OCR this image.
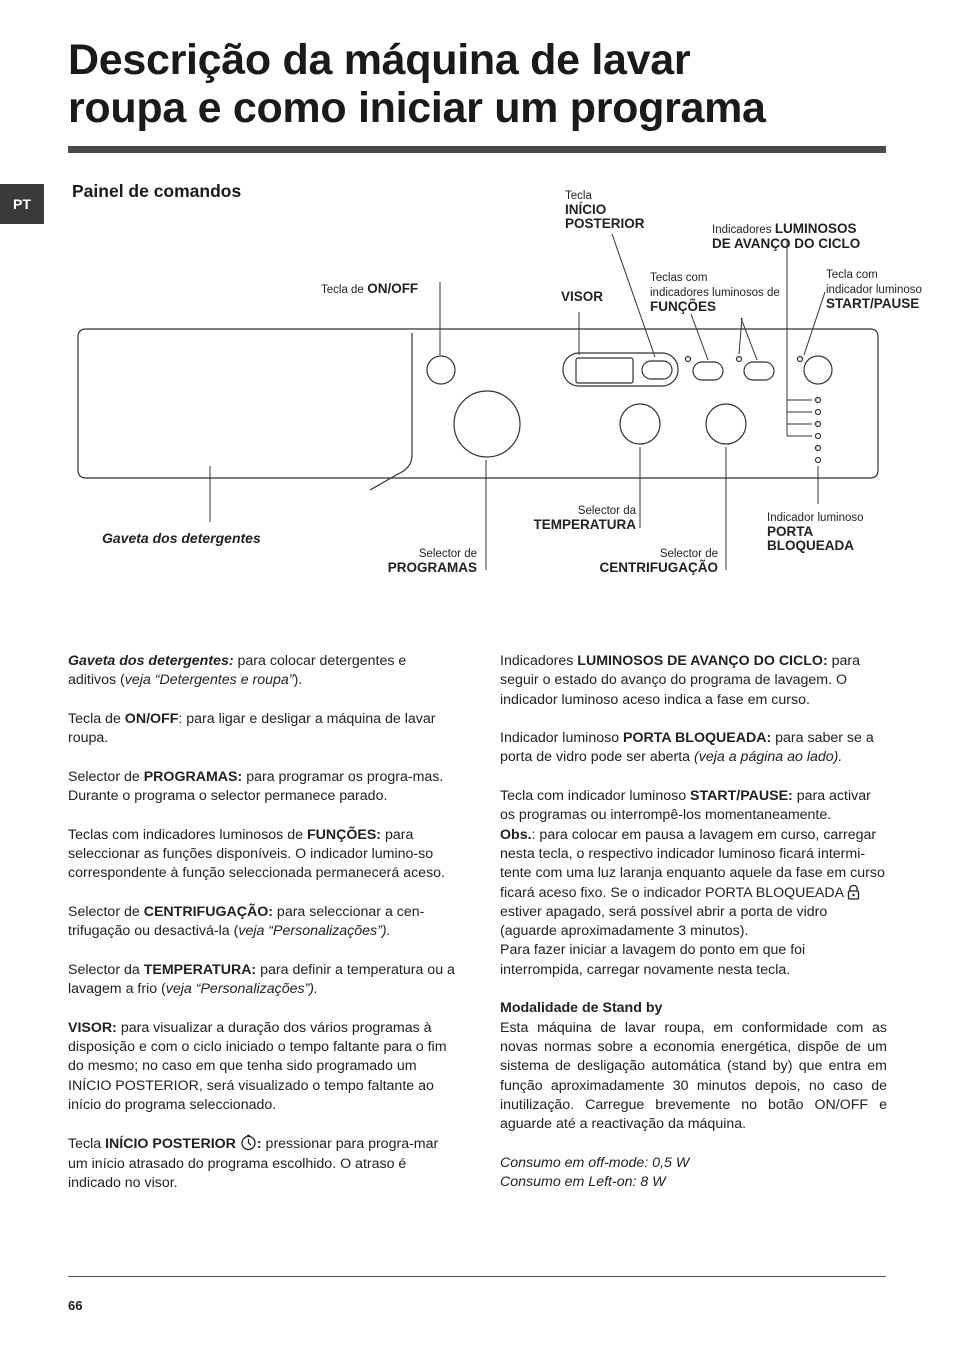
Descrição da máquina de lavar
roupa e como iniciar um programa
PT
Painel de comandos	Tecla
INÍCIO
POSTERIOR	Indicadores LUMINOSOS
DE AVANÇO DO CICLO
Tecla de ON/OFF
VISOR
Teclas com
indicadores luminosos de
FUNÇÕES
Tecla com
indicador luminoso
START/PAUSE
Gaveta dos detergentes
Selector da
TEMPERATURA
Selector de
PROGRAMAS
Selector de
CENTRIFUGAÇÃO
Indicador luminoso
PORTA
BLOQUEADA

Gaveta dos detergentes: para colocar detergentes e aditivos (veja “Detergentes e roupa”).

Tecla de ON/OFF: para ligar e desligar a máquina de lavar roupa.

Selector de PROGRAMAS: para programar os progra-mas. Durante o programa o selector permanece parado.

Teclas com indicadores luminosos de FUNÇÕES: para seleccionar as funções disponíveis. O indicador lumino-so correspondente à função seleccionada permanecerá aceso.

Selector de CENTRIFUGAÇÃO: para seleccionar a cen-trifugação ou desactivá-la (veja “Personalizações”).

Selector da TEMPERATURA: para definir a temperatura ou a lavagem a frio (veja “Personalizações”).

VISOR: para visualizar a duração dos vários programas à disposição e com o ciclo iniciado o tempo faltante para o fim do mesmo; no caso em que tenha sido programado um INÍCIO POSTERIOR, será visualizado o tempo faltante ao início do programa seleccionado.

Tecla INÍCIO POSTERIOR : pressionar para progra-mar um início atrasado do programa escolhido. O atraso é indicado no visor.

Indicadores LUMINOSOS DE AVANÇO DO CICLO: para seguir o estado do avanço do programa de lavagem. O indicador luminoso aceso indica a fase em curso.

Indicador luminoso PORTA BLOQUEADA: para saber se a porta de vidro pode ser aberta (veja a página ao lado).

Tecla com indicador luminoso START/PAUSE: para activar os programas ou interrompê-los momentaneamente.

Obs.: para colocar em pausa a lavagem em curso, carregar nesta tecla, o respectivo indicador luminoso ficará intermi-tente com uma luz laranja enquanto aquele da fase em curso ficará aceso fixo. Se o indicador PORTA BLOQUEADA  estiver apagado, será possível abrir a porta de vidro (aguarde aproximadamente 3 minutos).

Para fazer iniciar a lavagem do ponto em que foi interrompida, carregar novamente nesta tecla.

Modalidade de Stand by

Esta máquina de lavar roupa, em conformidade com as novas normas sobre a economia energética, dispõe de um sistema de desligação automática (stand by) que entra em função aproximadamente 30 minutos depois, no caso de inutilização. Carregue brevemente no botão ON/OFF e aguarde até a reactivação da máquina.

Consumo em off-mode: 0,5 W

Consumo em Left-on: 8 W

66
